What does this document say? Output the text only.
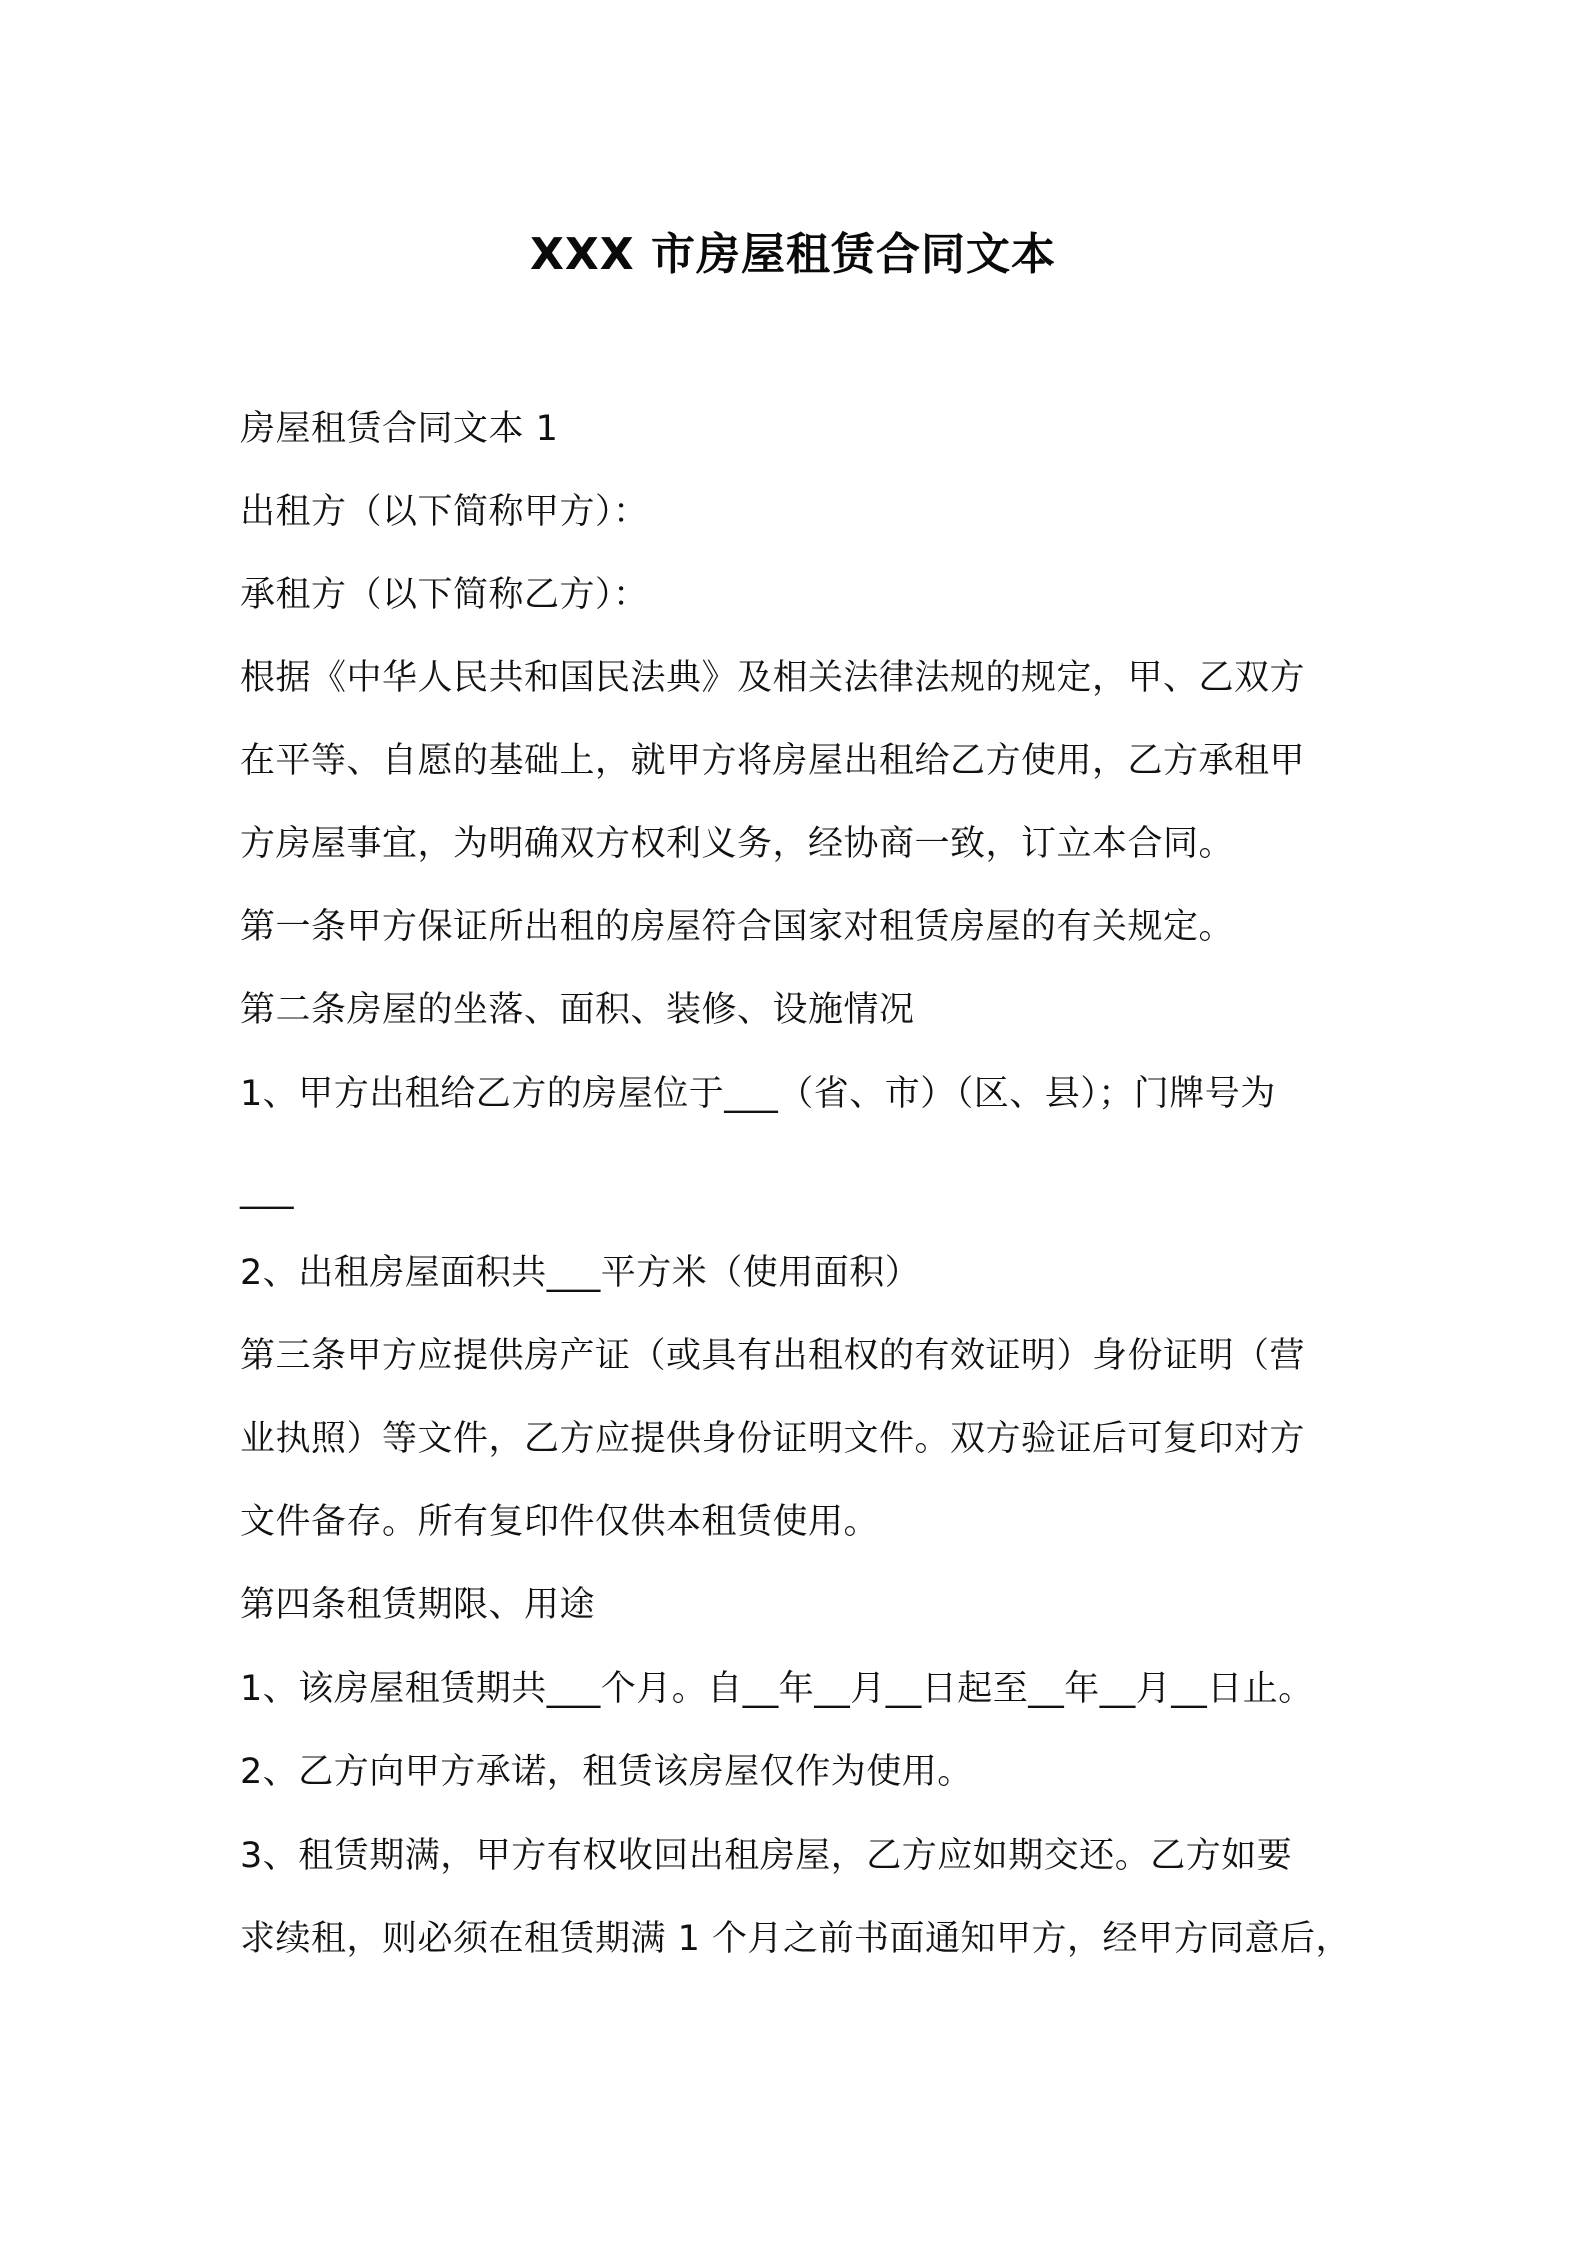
XXX 市房屋租赁合同文本

房屋租赁合同文本 1

出租方（以下简称甲方）：

承租方（以下简称乙方）：

根据《中华人民共和国民法典》及相关法律法规的规定，甲、乙双方

在平等、自愿的基础上，就甲方将房屋出租给乙方使用，乙方承租甲

方房屋事宜，为明确双方权利义务，经协商一致，订立本合同。

第一条甲方保证所出租的房屋符合国家对租赁房屋的有关规定。

第二条房屋的坐落、面积、装修、设施情况

1、甲方出租给乙方的房屋位于___（省、市）（区、县）；门牌号为

___

2、出租房屋面积共___平方米（使用面积）

第三条甲方应提供房产证（或具有出租权的有效证明）身份证明（营

业执照）等文件，乙方应提供身份证明文件。双方验证后可复印对方

文件备存。所有复印件仅供本租赁使用。

第四条租赁期限、用途

1、该房屋租赁期共___个月。自__年__月__日起至__年__月__日止。

2、乙方向甲方承诺，租赁该房屋仅作为使用。

3、租赁期满，甲方有权收回出租房屋，乙方应如期交还。乙方如要

求续租，则必须在租赁期满 1 个月之前书面通知甲方，经甲方同意后，
